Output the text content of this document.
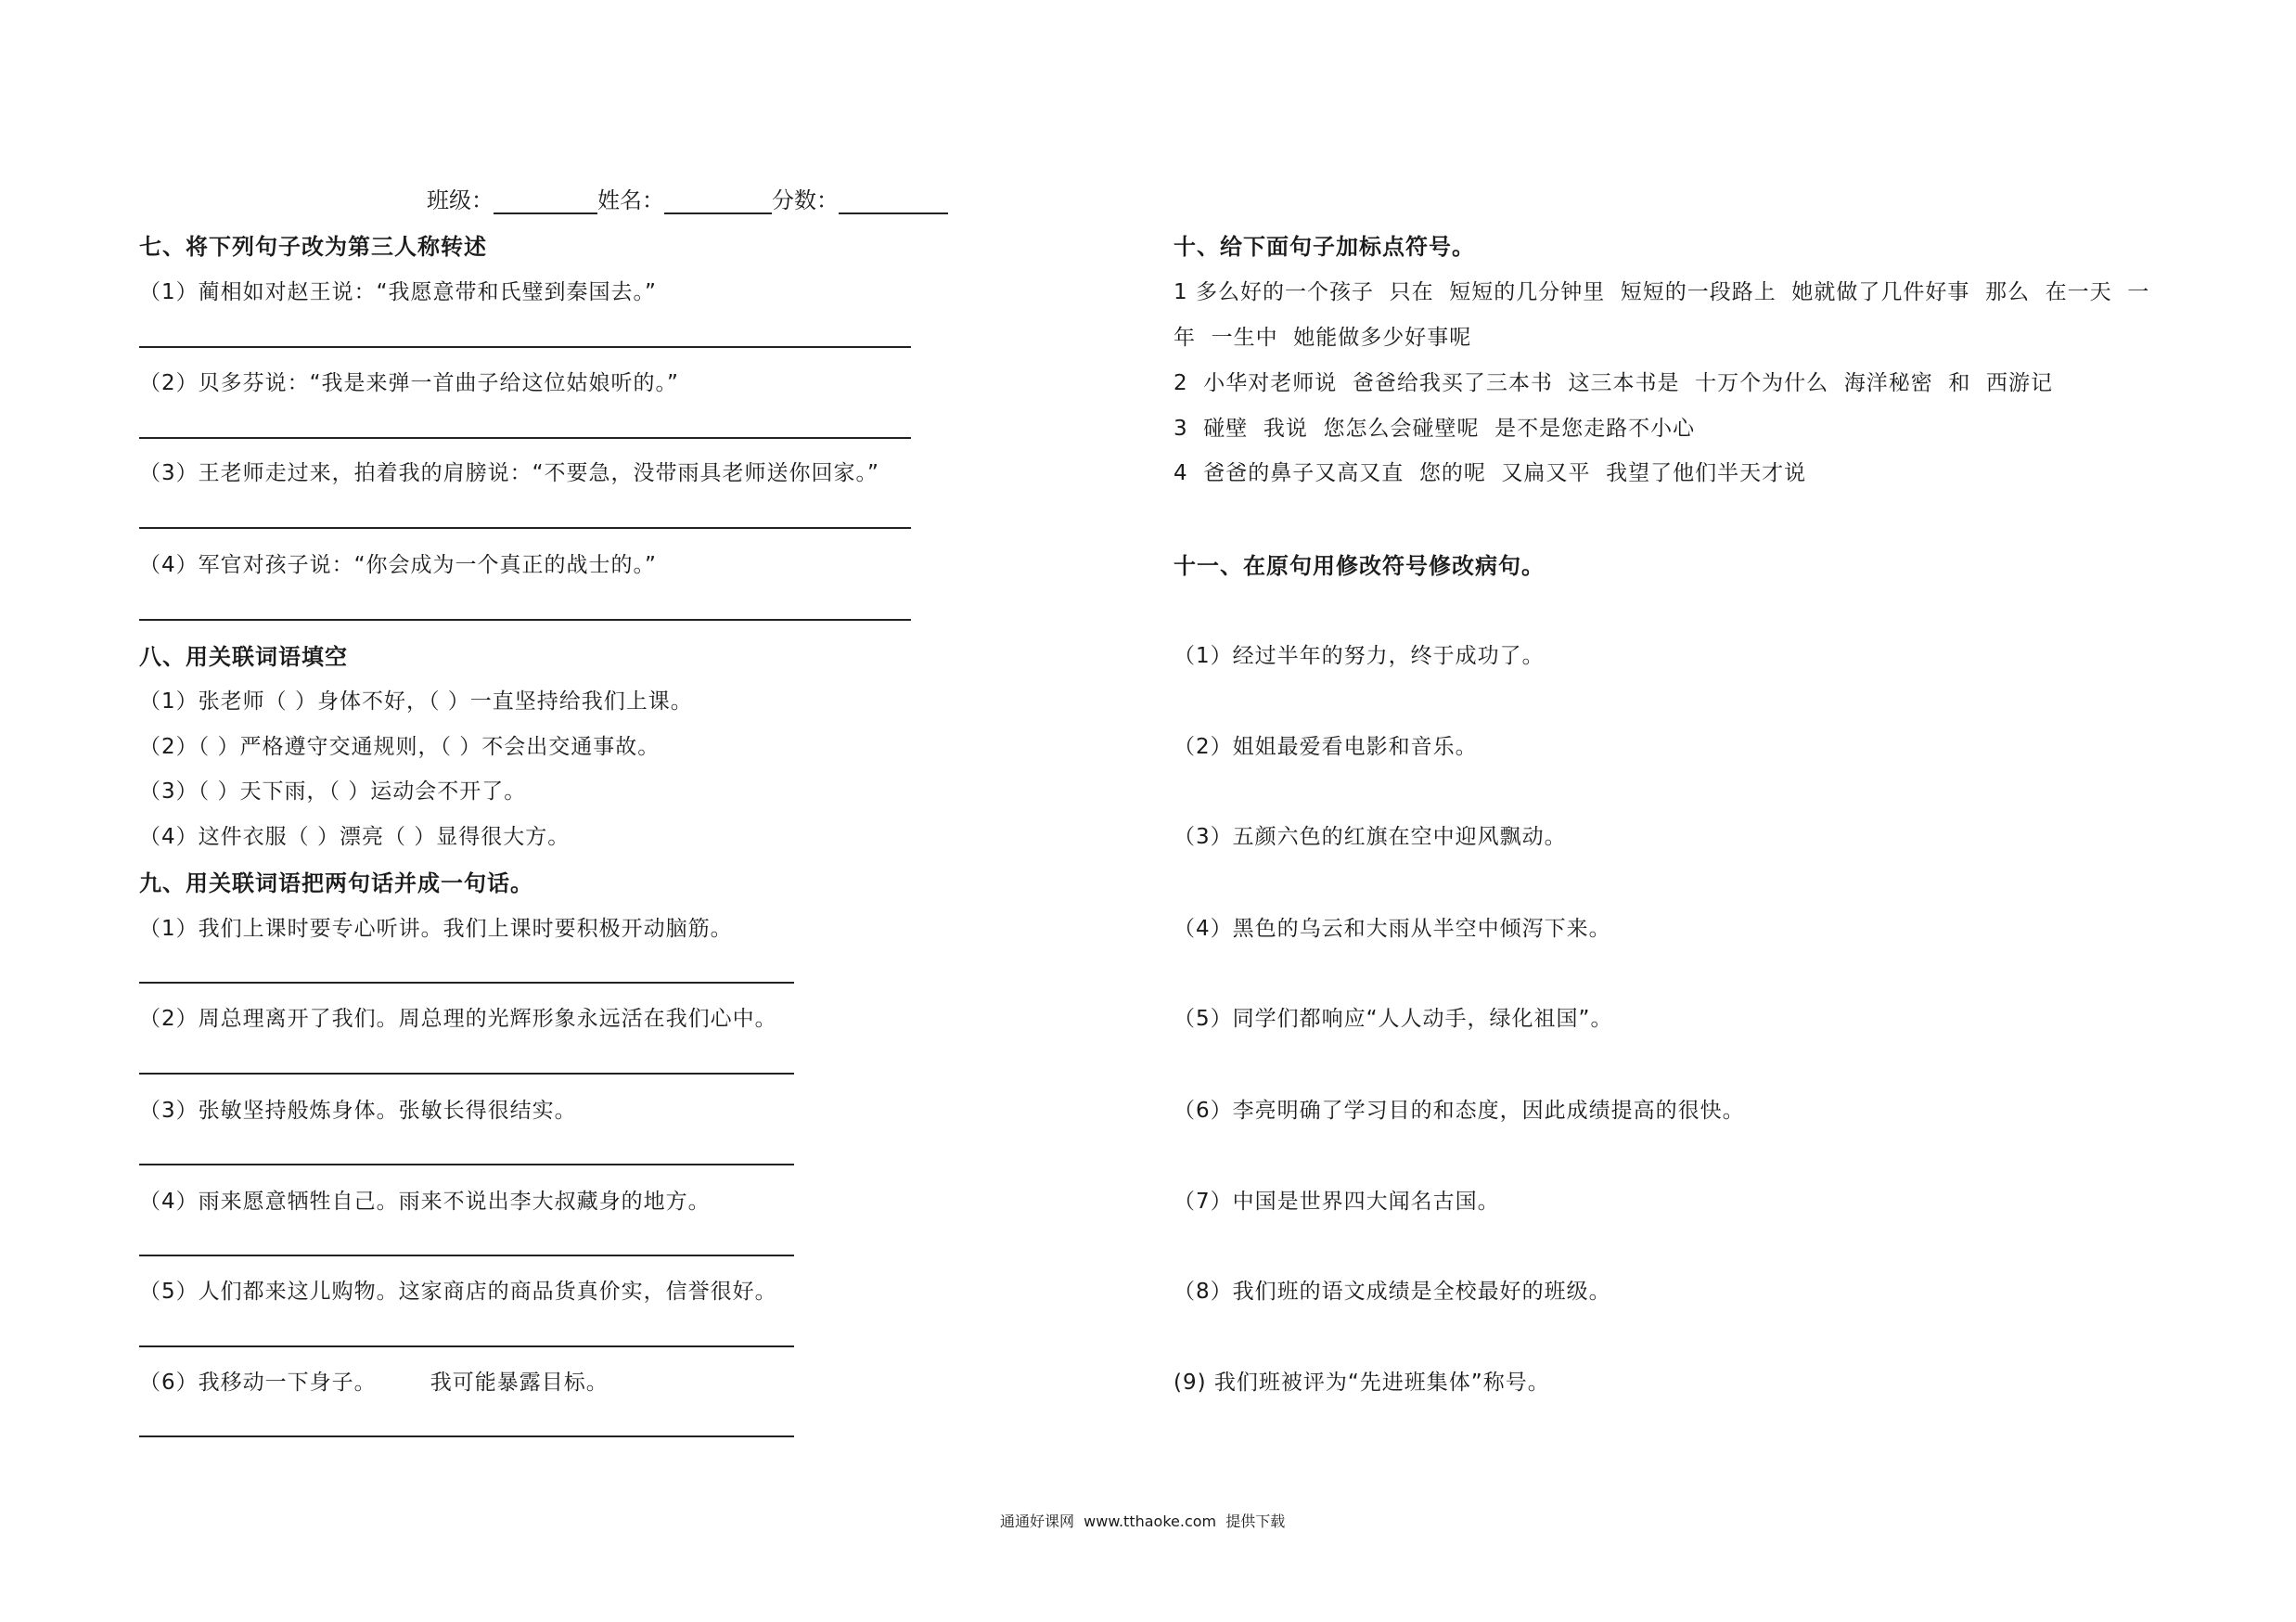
班级：	姓名：	分数：
七、将下列句子改为第三人称转述
（1）蔺相如对赵王说：“我愿意带和氏璧到秦国去。”
（2）贝多芬说：“我是来弹一首曲子给这位姑娘听的。”
（3）王老师走过来，拍着我的肩膀说：“不要急，没带雨具老师送你回家。”
（4）军官对孩子说：“你会成为一个真正的战士的。”
八、用关联词语填空
（1）张老师（ ）身体不好，（ ）一直坚持给我们上课。
（2）（ ）严格遵守交通规则，（ ）不会出交通事故。
（3）（ ）天下雨，（ ）运动会不开了。
（4）这件衣服（ ）漂亮（ ）显得很大方。
九、用关联词语把两句话并成一句话。
（1）我们上课时要专心听讲。我们上课时要积极开动脑筋。
（2）周总理离开了我们。周总理的光辉形象永远活在我们心中。
（3）张敏坚持般炼身体。张敏长得很结实。
（4）雨来愿意牺牲自己。雨来不说出李大叔藏身的地方。
（5）人们都来这儿购物。这家商店的商品货真价实，信誉很好。
（6）我移动一下身子。       我可能暴露目标。
十、给下面句子加标点符号。
1 多么好的一个孩子  只在  短短的几分钟里  短短的一段路上  她就做了几件好事  那么  在一天  一
年  一生中  她能做多少好事呢
2  小华对老师说  爸爸给我买了三本书  这三本书是  十万个为什么  海洋秘密  和  西游记
3  碰壁  我说  您怎么会碰壁呢  是不是您走路不小心
4  爸爸的鼻子又高又直  您的呢  又扁又平  我望了他们半天才说
十一、在原句用修改符号修改病句。
（1）经过半年的努力，终于成功了。
（2）姐姐最爱看电影和音乐。
（3）五颜六色的红旗在空中迎风飘动。
（4）黑色的乌云和大雨从半空中倾泻下来。
（5）同学们都响应“人人动手，绿化祖国”。
（6）李亮明确了学习目的和态度，因此成绩提高的很快。
（7）中国是世界四大闻名古国。
（8）我们班的语文成绩是全校最好的班级。
(9) 我们班被评为“先进班集体”称号。
通通好课网  www.tthaoke.com  提供下载
